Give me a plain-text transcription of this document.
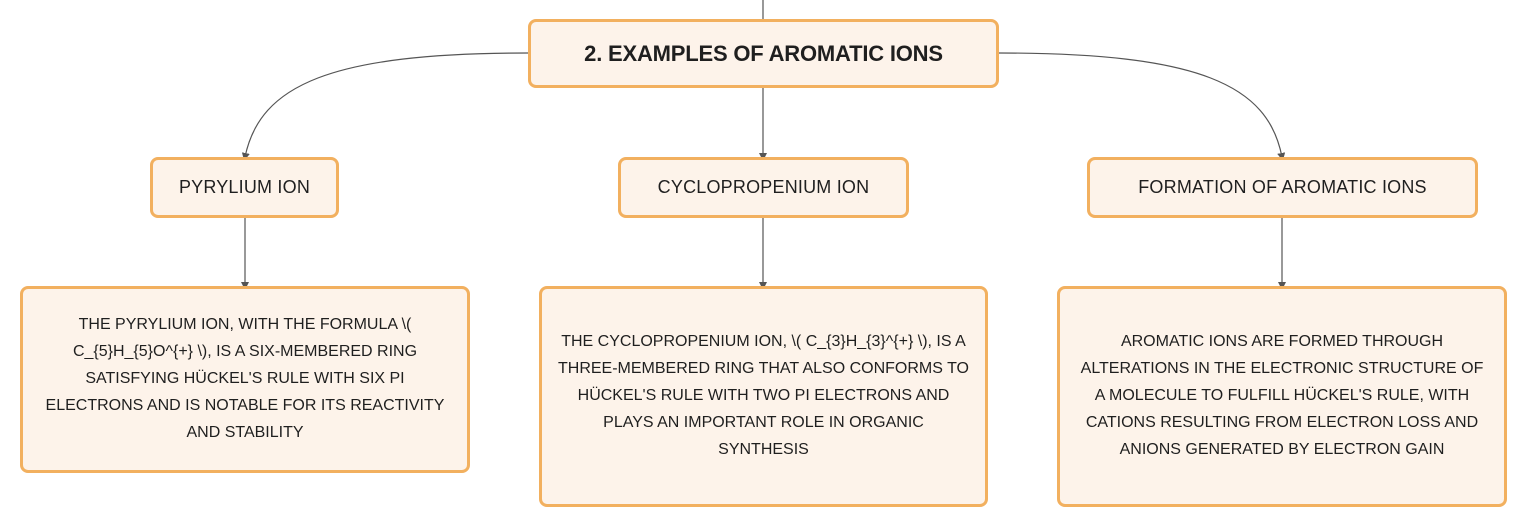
2. EXAMPLES OF AROMATIC IONS
PYRYLIUM ION	CYCLOPROPENIUM ION	FORMATION OF AROMATIC IONS
THE PYRYLIUM ION, WITH THE FORMULA \( C_{5}H_{5}O^{+} \), IS A SIX-MEMBERED RING SATISFYING HÜCKEL'S RULE WITH SIX PI ELECTRONS AND IS NOTABLE FOR ITS REACTIVITY AND STABILITY
THE CYCLOPROPENIUM ION, \( C_{3}H_{3}^{+} \), IS A THREE-MEMBERED RING THAT ALSO CONFORMS TO HÜCKEL'S RULE WITH TWO PI ELECTRONS AND PLAYS AN IMPORTANT ROLE IN ORGANIC SYNTHESIS
AROMATIC IONS ARE FORMED THROUGH ALTERATIONS IN THE ELECTRONIC STRUCTURE OF A MOLECULE TO FULFILL HÜCKEL'S RULE, WITH CATIONS RESULTING FROM ELECTRON LOSS AND ANIONS GENERATED BY ELECTRON GAIN
